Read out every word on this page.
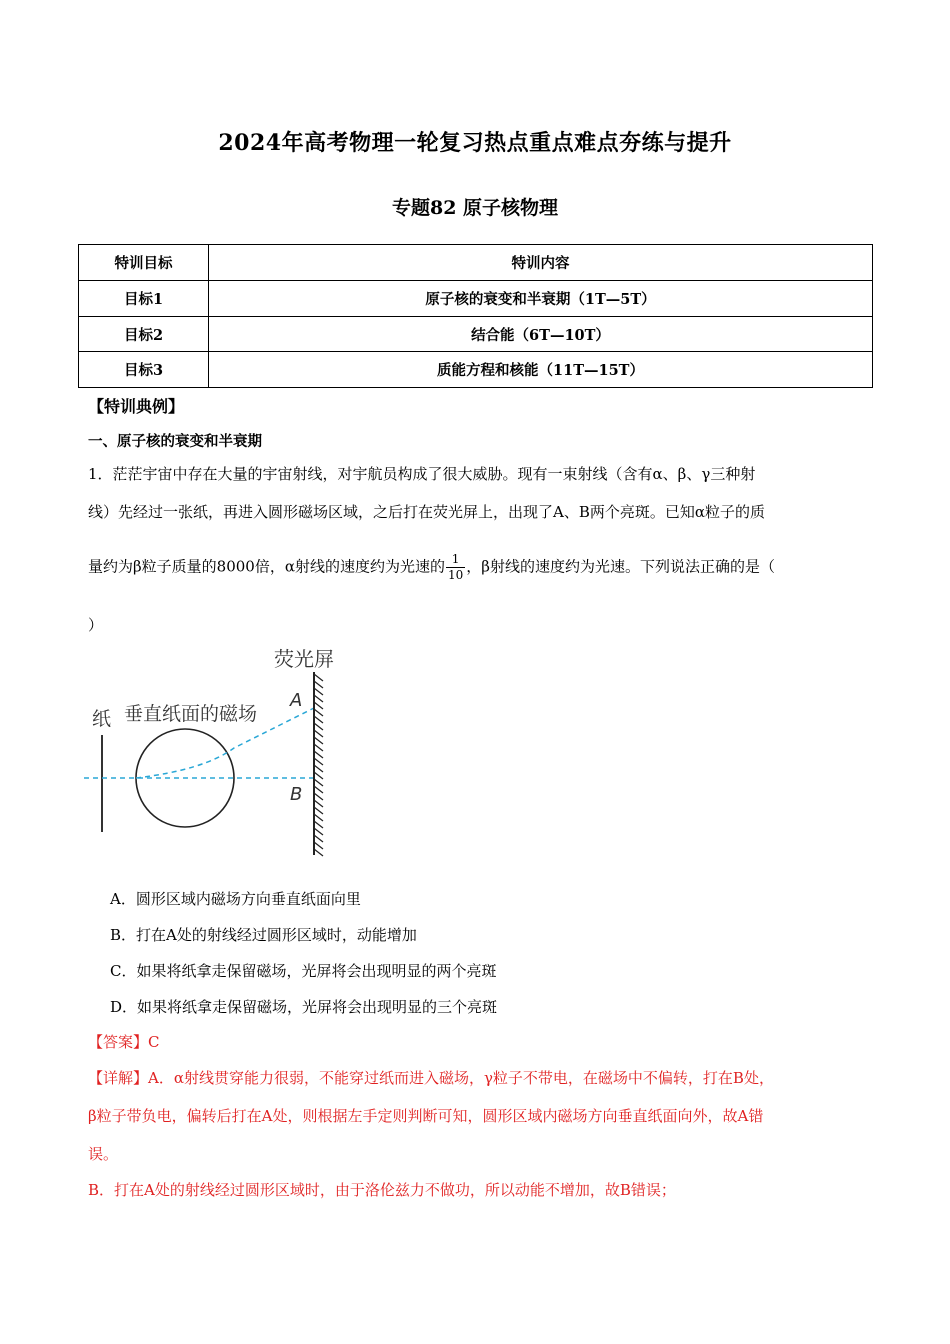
2024年高考物理一轮复习热点重点难点夯练与提升
专题82 原子核物理
特训目标	特训内容
目标1	原子核的衰变和半衰期（1T—5T）
目标2	结合能（6T—10T）
目标3	质能方程和核能（11T—15T）
【特训典例】
一、原子核的衰变和半衰期
1．茫茫宇宙中存在大量的宇宙射线，对宇航员构成了很大威胁。现有一束射线（含有α、β、γ三种射
线）先经过一张纸，再进入圆形磁场区域，之后打在荧光屏上，出现了A、B两个亮斑。已知α粒子的质
量约为β粒子质量的8000倍，α射线的速度约为光速的 $\frac{1}{10}$ ，β射线的速度约为光速。下列说法正确的是（
）
荧光屏
纸 垂直纸面的磁场
A
B
A．圆形区域内磁场方向垂直纸面向里
B．打在A处的射线经过圆形区域时，动能增加
C．如果将纸拿走保留磁场，光屏将会出现明显的两个亮斑
D．如果将纸拿走保留磁场，光屏将会出现明显的三个亮斑
【答案】C
【详解】A．α射线贯穿能力很弱，不能穿过纸而进入磁场，γ粒子不带电，在磁场中不偏转，打在B处，
β粒子带负电，偏转后打在A处，则根据左手定则判断可知，圆形区域内磁场方向垂直纸面向外，故A错
误。
B．打在A处的射线经过圆形区域时，由于洛伦兹力不做功，所以动能不增加，故B错误；
